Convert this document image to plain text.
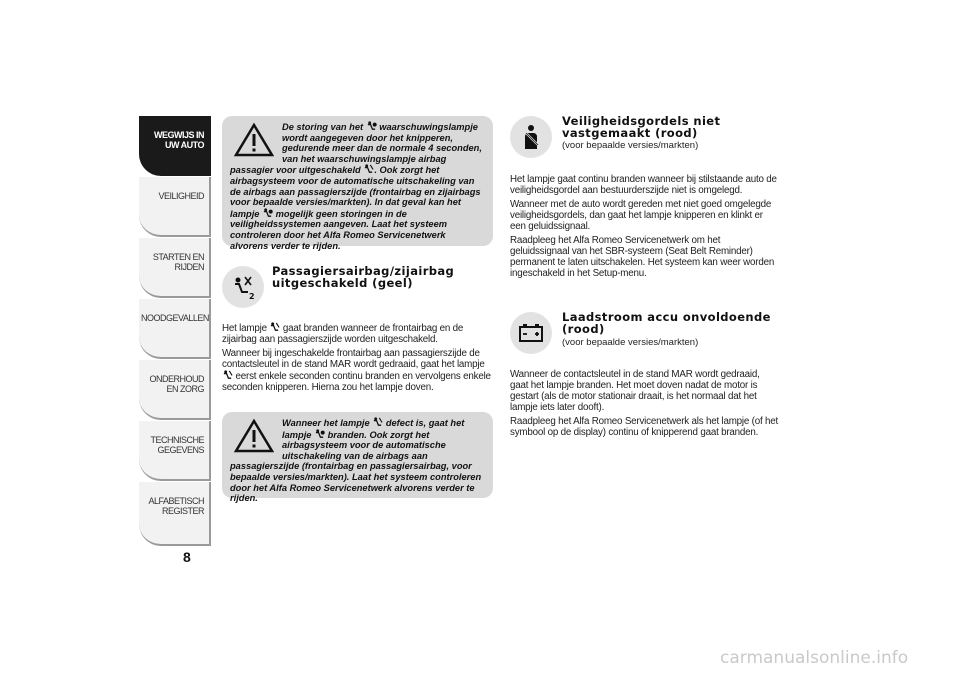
WEGWIJS IN UW AUTO
VEILIGHEID
STARTEN EN RIJDEN
NOODGEVALLEN
ONDERHOUD EN ZORG
TECHNISCHE GEGEVENS
ALFABETISCH REGISTER
8

De storing van het  waarschuwingslampje wordt aangegeven door het knipperen, gedurende meer dan de normale 4 seconden, van het waarschuwingslampje airbag passagier voor uitgeschakeld . Ook zorgt het airbagsysteem voor de automatische uitschakeling van de airbags aan passagierszijde (frontairbag en zijairbags voor bepaalde versies/markten). In dat geval kan het lampje  mogelijk geen storingen in de veiligheidssystemen aangeven. Laat het systeem controleren door het Alfa Romeo Servicenetwerk alvorens verder te rijden.

2
Passagiersairbag/zijairbag
uitgeschakeld (geel)

Het lampje  gaat branden wanneer de frontairbag en de zijairbag aan passagierszijde worden uitgeschakeld.

Wanneer bij ingeschakelde frontairbag aan passagierszijde de contactsleutel in de stand MAR wordt gedraaid, gaat het lampje  eerst enkele seconden continu branden en vervolgens enkele seconden knipperen. Hierna zou het lampje doven.

Wanneer het lampje  defect is, gaat het lampje  branden. Ook zorgt het airbagsysteem voor de automatische uitschakeling van de airbags aan passagierszijde (frontairbag en passagiersairbag, voor bepaalde versies/markten). Laat het systeem controleren door het Alfa Romeo Servicenetwerk alvorens verder te rijden.

Veiligheidsgordels niet
vastgemaakt (rood)
(voor bepaalde versies/markten)

Het lampje gaat continu branden wanneer bij stilstaande auto de veiligheidsgordel aan bestuurderszijde niet is omgelegd.

Wanneer met de auto wordt gereden met niet goed omgelegde veiligheidsgordels, dan gaat het lampje knipperen en klinkt er een geluidssignaal.

Raadpleeg het Alfa Romeo Servicenetwerk om het geluidssignaal van het SBR-systeem (Seat Belt Reminder) permanent te laten uitschakelen. Het systeem kan weer worden ingeschakeld in het Setup-menu.

Laadstroom accu onvoldoende
(rood)
(voor bepaalde versies/markten)

Wanneer de contactsleutel in de stand MAR wordt gedraaid, gaat het lampje branden. Het moet doven nadat de motor is gestart (als de motor stationair draait, is het normaal dat het lampje iets later dooft).

Raadpleeg het Alfa Romeo Servicenetwerk als het lampje (of het symbool op de display) continu of knipperend gaat branden.

carmanualsonline.info
